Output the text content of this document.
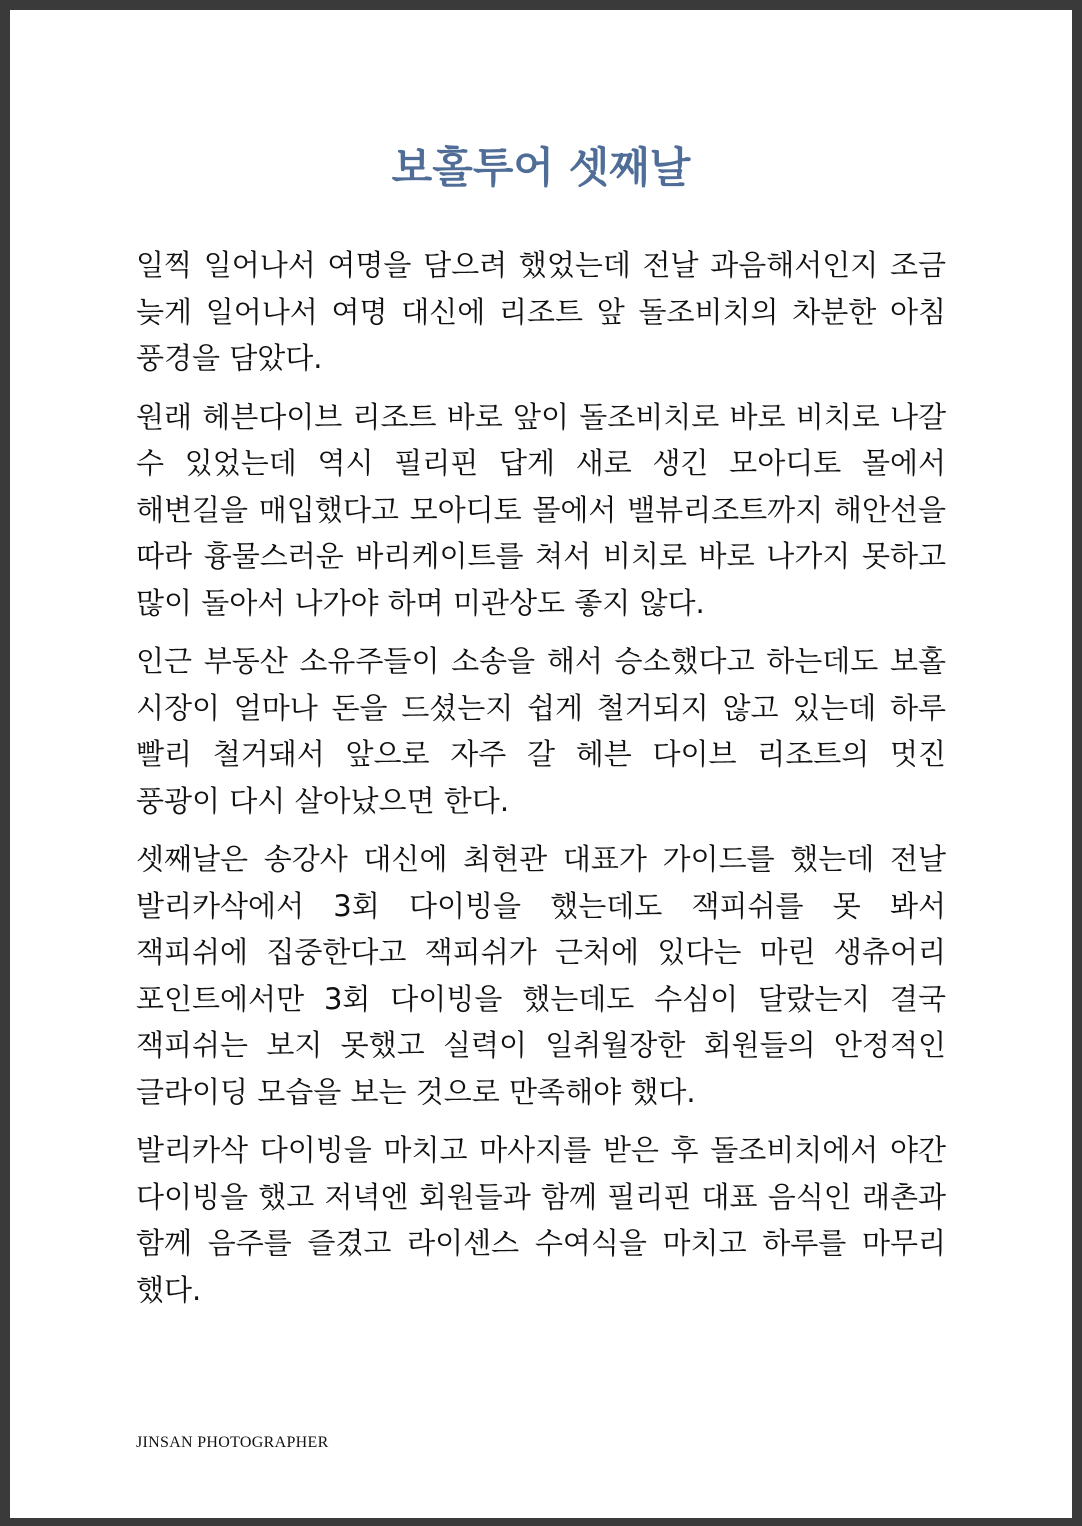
보홀투어 셋째날

일찍 일어나서 여명을 담으려 했었는데 전날 과음해서인지 조금 늦게 일어나서 여명 대신에 리조트 앞 돌조비치의 차분한 아침 풍경을 담았다.

원래 헤븐다이브 리조트 바로 앞이 돌조비치로 바로 비치로 나갈 수 있었는데 역시 필리핀 답게 새로 생긴 모아디토 몰에서 해변길을 매입했다고 모아디토 몰에서 밸뷰리조트까지 해안선을 따라 흉물스러운 바리케이트를 쳐서 비치로 바로 나가지 못하고 많이 돌아서 나가야 하며 미관상도 좋지 않다.

인근 부동산 소유주들이 소송을 해서 승소했다고 하는데도 보홀 시장이 얼마나 돈을 드셨는지 쉽게 철거되지 않고 있는데 하루 빨리 철거돼서 앞으로 자주 갈 헤븐 다이브 리조트의 멋진 풍광이 다시 살아났으면 한다.

셋째날은 송강사 대신에 최현관 대표가 가이드를 했는데 전날 발리카삭에서 3회 다이빙을 했는데도 잭피쉬를 못 봐서 잭피쉬에 집중한다고 잭피쉬가 근처에 있다는 마린 생츄어리 포인트에서만 3회 다이빙을 했는데도 수심이 달랐는지 결국 잭피쉬는 보지 못했고 실력이 일취월장한 회원들의 안정적인 글라이딩 모습을 보는 것으로 만족해야 했다.

발리카삭 다이빙을 마치고 마사지를 받은 후 돌조비치에서 야간 다이빙을 했고 저녁엔 회원들과 함께 필리핀 대표 음식인 래촌과 함께 음주를 즐겼고 라이센스 수여식을 마치고 하루를 마무리 했다.

JINSAN PHOTOGRAPHER
